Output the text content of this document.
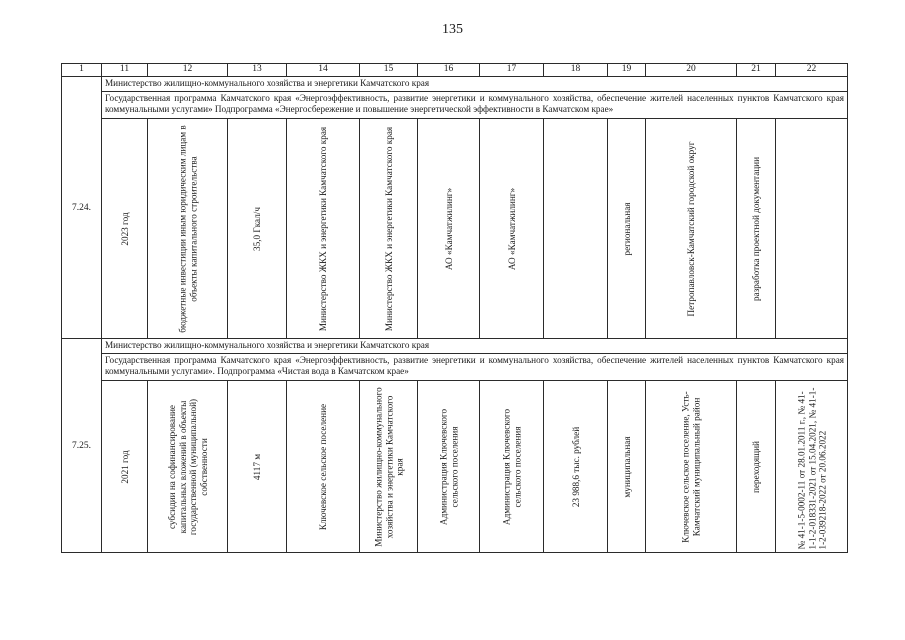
135
1	11	12	13	14	15	16	17	18	19	20	21	22
7.24.	Министерство жилищно-коммунального хозяйства и энергетики Камчатского края											
	Государственная программа Камчатского края «Энергоэффективность, развитие энергетики и коммунального хозяйства, обеспечение жителей населенных пунктов Камчатского края коммунальными услугами» Подпрограмма «Энергосбережение и повышение энергетической эффективности в Камчатском крае»											

	2023 год	бюджетные инвестиции иным юридическим лицам в объекты капитального строительства	35,0 Гкал/ч	Министерство ЖКХ и энергетики Камчатского края	Министерство ЖКХ и энергетики Камчатского края	АО «Камчатжилинг»	АО «Камчатжилинг»		региональная	Петропавловск-Камчатский городской округ	разработка проектной документации	

7.25.	Министерство жилищно-коммунального хозяйства и энергетики Камчатского края											
	Государственная программа Камчатского края «Энергоэффективность, развитие энергетики и коммунального хозяйства, обеспечение жителей населенных пунктов Камчатского края коммунальными услугами». Подпрограмма «Чистая вода в Камчатском крае»											

	2021 год	субсидии на софинансирование капитальных вложений в объекты государственной (муниципальной) собственности	4117 м	Ключевское сельское поселение	Министерство жилищно-коммунального хозяйства и энергетики Камчатского края	Администрация Ключевского сельского поселения	Администрация Ключевского сельского поселения	23 988,6 тыс. рублей	муниципальная	Ключевское сельское поселение, Усть-Камчатский муниципальный район	переходящий	№ 41-1-5-0002-11 от 28.01.2011 г., № 41-1-1-2-018331-2021 от 15.04.2021, № 41-1-1-2-039218-2022 от 20.06.2022
